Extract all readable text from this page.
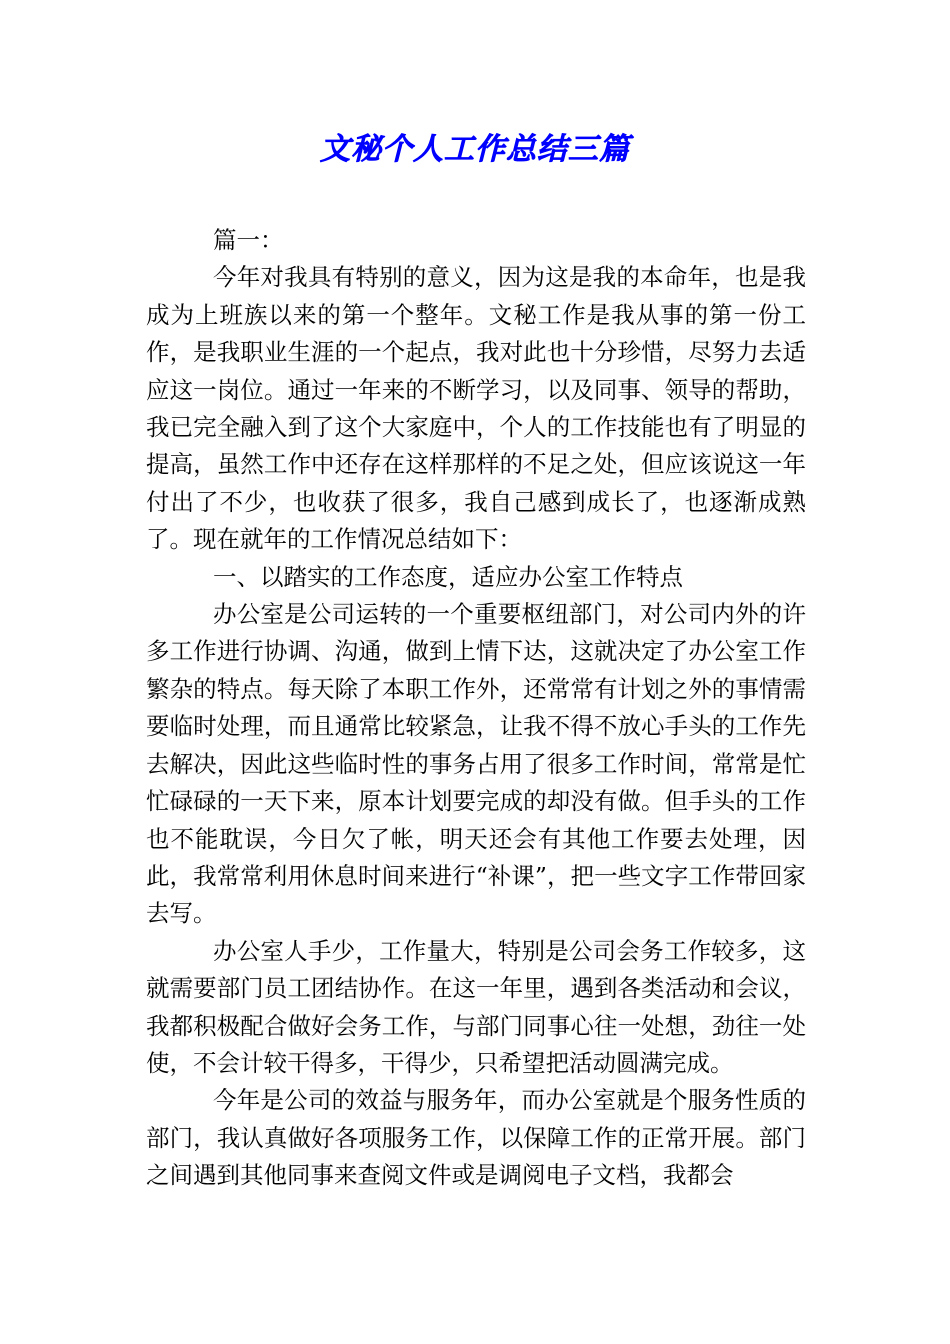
文秘个人工作总结三篇

篇一：

今年对我具有特别的意义，因为这是我的本命年，也是我成为上班族以来的第一个整年。文秘工作是我从事的第一份工作，是我职业生涯的一个起点，我对此也十分珍惜，尽努力去适应这一岗位。通过一年来的不断学习，以及同事、领导的帮助，我已完全融入到了这个大家庭中，个人的工作技能也有了明显的提高，虽然工作中还存在这样那样的不足之处，但应该说这一年付出了不少，也收获了很多，我自己感到成长了，也逐渐成熟了。现在就年的工作情况总结如下：

一、以踏实的工作态度，适应办公室工作特点

办公室是公司运转的一个重要枢纽部门，对公司内外的许多工作进行协调、沟通，做到上情下达，这就决定了办公室工作繁杂的特点。每天除了本职工作外，还常常有计划之外的事情需要临时处理，而且通常比较紧急，让我不得不放心手头的工作先去解决，因此这些临时性的事务占用了很多工作时间，常常是忙忙碌碌的一天下来，原本计划要完成的却没有做。但手头的工作也不能耽误，今日欠了帐，明天还会有其他工作要去处理，因此，我常常利用休息时间来进行“补课”，把一些文字工作带回家去写。

办公室人手少，工作量大，特别是公司会务工作较多，这就需要部门员工团结协作。在这一年里，遇到各类活动和会议，我都积极配合做好会务工作，与部门同事心往一处想，劲往一处使，不会计较干得多，干得少，只希望把活动圆满完成。

今年是公司的效益与服务年，而办公室就是个服务性质的部门，我认真做好各项服务工作，以保障工作的正常开展。部门之间遇到其他同事来查阅文件或是调阅电子文档，我都会
